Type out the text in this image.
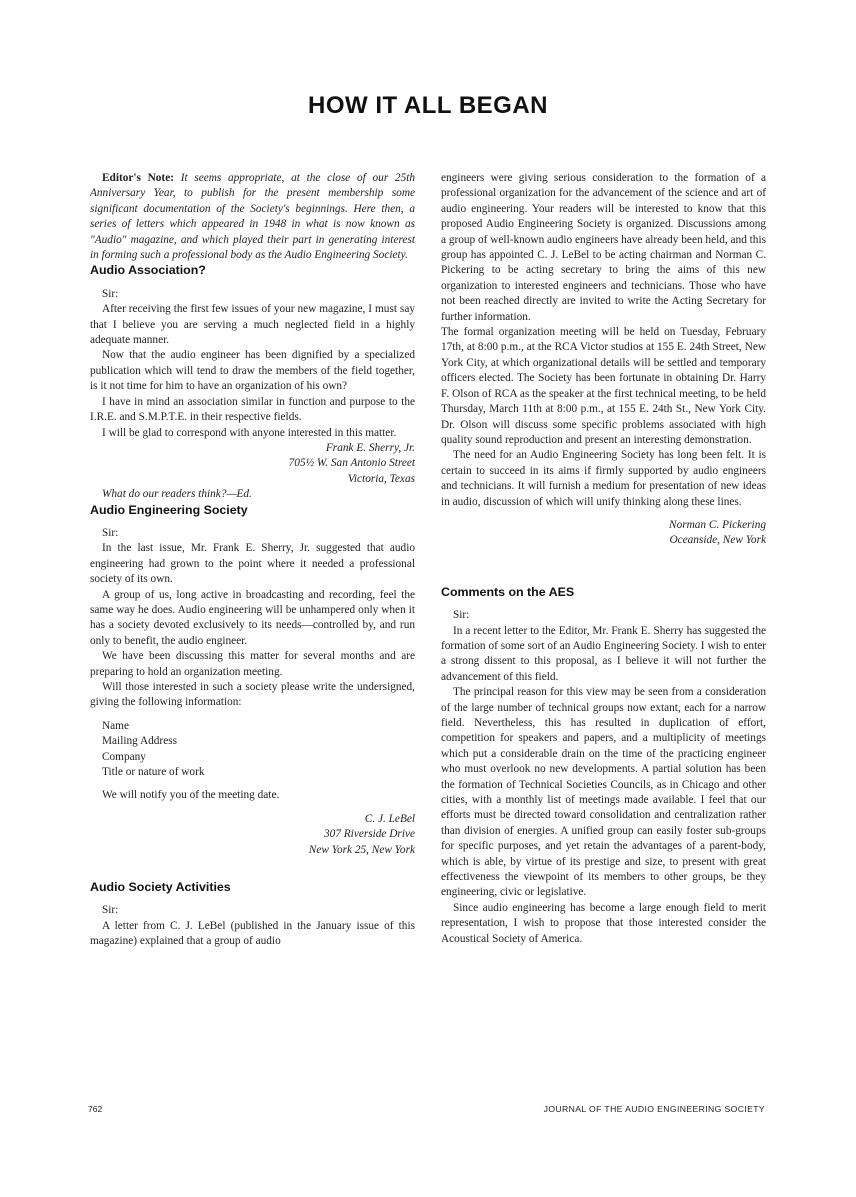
HOW IT ALL BEGAN

Editor's Note: It seems appropriate, at the close of our 25th Anniversary Year, to publish for the present membership some significant documentation of the Society's beginnings. Here then, a series of letters which appeared in 1948 in what is now known as "Audio" magazine, and which played their part in generating interest in forming such a professional body as the Audio Engineering Society.

Audio Association?

Sir:

After receiving the first few issues of your new magazine, I must say that I believe you are serving a much neglected field in a highly adequate manner.

Now that the audio engineer has been dignified by a specialized publication which will tend to draw the members of the field together, is it not time for him to have an organization of his own?

I have in mind an association similar in function and purpose to the I.R.E. and S.M.P.T.E. in their respective fields.

I will be glad to correspond with anyone interested in this matter.

Frank E. Sherry, Jr.

705½ W. San Antonio Street

Victoria, Texas

What do our readers think?—Ed.

Audio Engineering Society

Sir:

In the last issue, Mr. Frank E. Sherry, Jr. suggested that audio engineering had grown to the point where it needed a professional society of its own.

A group of us, long active in broadcasting and recording, feel the same way he does. Audio engineering will be unhampered only when it has a society devoted exclusively to its needs—controlled by, and run only to benefit, the audio engineer.

We have been discussing this matter for several months and are preparing to hold an organization meeting.

Will those interested in such a society please write the undersigned, giving the following information:

Name
Mailing Address
Company
Title or nature of work

We will notify you of the meeting date.

C. J. LeBel

307 Riverside Drive

New York 25, New York

Audio Society Activities

Sir:

A letter from C. J. LeBel (published in the January issue of this magazine) explained that a group of audio

engineers were giving serious consideration to the formation of a professional organization for the advancement of the science and art of audio engineering. Your readers will be interested to know that this proposed Audio Engineering Society is organized. Discussions among a group of well-known audio engineers have already been held, and this group has appointed C. J. LeBel to be acting chairman and Norman C. Pickering to be acting secretary to bring the aims of this new organization to interested engineers and technicians. Those who have not been reached directly are invited to write the Acting Secretary for further information.

The formal organization meeting will be held on Tuesday, February 17th, at 8:00 p.m., at the RCA Victor studios at 155 E. 24th Street, New York City, at which organizational details will be settled and temporary officers elected. The Society has been fortunate in obtaining Dr. Harry F. Olson of RCA as the speaker at the first technical meeting, to be held Thursday, March 11th at 8:00 p.m., at 155 E. 24th St., New York City. Dr. Olson will discuss some specific problems associated with high quality sound reproduction and present an interesting demonstration.

The need for an Audio Engineering Society has long been felt. It is certain to succeed in its aims if firmly supported by audio engineers and technicians. It will furnish a medium for presentation of new ideas in audio, discussion of which will unify thinking along these lines.

Norman C. Pickering

Oceanside, New York

Comments on the AES

Sir:

In a recent letter to the Editor, Mr. Frank E. Sherry has suggested the formation of some sort of an Audio Engineering Society. I wish to enter a strong dissent to this proposal, as I believe it will not further the advancement of this field.

The principal reason for this view may be seen from a consideration of the large number of technical groups now extant, each for a narrow field. Nevertheless, this has resulted in duplication of effort, competition for speakers and papers, and a multiplicity of meetings which put a considerable drain on the time of the practicing engineer who must overlook no new developments. A partial solution has been the formation of Technical Societies Councils, as in Chicago and other cities, with a monthly list of meetings made available. I feel that our efforts must be directed toward consolidation and centralization rather than division of energies. A unified group can easily foster sub-groups for specific purposes, and yet retain the advantages of a parent-body, which is able, by virtue of its prestige and size, to present with great effectiveness the viewpoint of its members to other groups, be they engineering, civic or legislative.

Since audio engineering has become a large enough field to merit representation, I wish to propose that those interested consider the Acoustical Society of America.

762	JOURNAL OF THE AUDIO ENGINEERING SOCIETY
